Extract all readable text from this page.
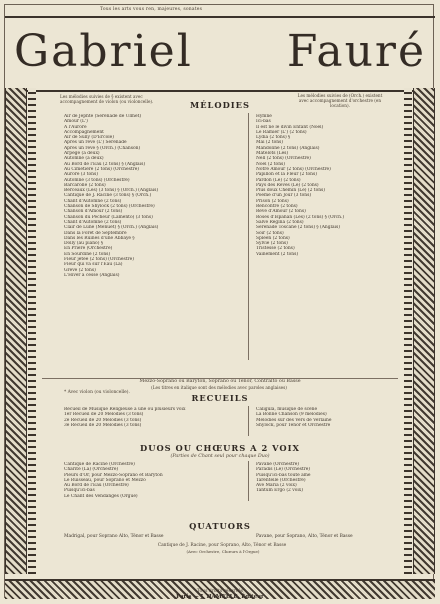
Tous les arts vous ren, majeures, sonates
Gabriel Fauré
Les mélodies suivies de § existent avec accompagnement de violon (ou violoncelle).
Les mélodies suivies de (Orch.) existent avec accompagnement d'orchestre (en location).
MÉLODIES
Air de Jephté (Sérénade de Ulmet)
Amour (L')
A l'Aurore
Accompagnement
Air de Sully (D'Ercole)
Après un rêve (L') Sérénade
Après un rêve § (Orch.) (Chanson)
Arpège (à deux)
Automne (à deux)
Au Bord de l'Eau (2 tons) § (Anglais)
Au Cimetière (2 tons) (Orchestre)
Aurore (3 tons)
Automne (3 tons) (Orchestre)
Barcarolle (2 tons)
Berceaux (Les) (3 tons) § (Orch.) (Anglais)
Cantique de J. Racine (3 tons) § (Orch.)
Chant d'Automne (2 tons)
Chanson de Shylock (2 tons) (Orchestre)
Chanson d'Amour (2 tons)
Chanson du Pêcheur (Lamento) (3 tons)
Chant d'Automne (2 tons)
Clair de Lune (Menuet) § (Orch.) (Anglais)
Dans la Forêt de Septembre
Dans les Ruines d'une Abbaye §
Dolly (au piano) §
En Prière (Orchestre)
En Sourdine (2 tons)
Fleur jetée (2 tons) (Orchestre)
Fleur qui va sur l'Eau (La)
Grève (2 tons)
L'Hiver a cessé (Anglais)
Hymne
Ici-bas
Il est né le divin Enfant (Noël)
Le Ramier (L') (2 tons)
Lydia (2 tons) §
Mai (2 tons)
Mandoline (2 tons) (Anglais)
Matelots (Les)
Nell (2 tons) (Orchestre)
Noël (2 tons)
Notre Amour (2 tons) (Orchestre)
Papillon et la Fleur (2 tons)
Pardon (Le) (2 tons)
Pays des Rêves (Le) (2 tons)
Plus doux Chemin (Le) (2 tons)
Poème d'un Jour (3 tons)
Prison (2 tons)
Rencontre (2 tons)
Rêve d'Amour (2 tons)
Roses d'Ispahan (Les) (2 tons) § (Orch.)
Salve Regina (2 tons)
Sérénade Toscane (2 tons) § (Anglais)
Soir (2 tons)
Spleen (2 tons)
Sylvie (2 tons)
Tristesse (2 tons)
Vainement (2 tons)
Mezzo-Soprano ou Baryton, Soprano ou Ténor, Contralto ou Basse
(Les titres en italique sont des mélodies avec paroles anglaises)
* Avec violon (ou violoncelle).
RECUEILS
Recueil de Musique Religieuse à une ou plusieurs voix
1er Recueil de 20 Mélodies (3 tons)
2e Recueil de 20 Mélodies (3 tons)
3e Recueil de 20 Mélodies (3 tons)
Caligula, musique de scène
La Bonne Chanson (9 mélodies)
Mélodies sur des Vers de Verlaine
Shylock, pour Ténor et Orchestre
DUOS OU CHŒURS A 2 VOIX
(Parties de Chant seul pour chaque Duo)
Cantique de Racine (Orchestre)
Charité (La) (Orchestre)
Pleurs d'Or, pour Mezzo-Soprano et Baryton
Le Ruisseau, pour Soprano et Mezzo
Au Bord de l'Eau (Orchestre)
Puisqu'ici-bas
Le Chant des Vendanges (Orgue)
Pavane (Orchestre)
Paradis (Le) (Orchestre)
Puisqu'ici-bas toute âme
Tarentelle (Orchestre)
Ave Maria (2 voix)
Tantum Ergo (2 voix)
QUATUORS
Madrigal, pour Soprano Alto, Ténor et Basse	Pavane, pour Soprano, Alto, Ténor et Basse
Cantique de J. Racine, pour Soprano, Alto, Ténor et Basse
(Avec Orchestre, Chœurs à l'Orgue)
Tous droits réservés
Paris — J. HAMELLE, Éditeur
